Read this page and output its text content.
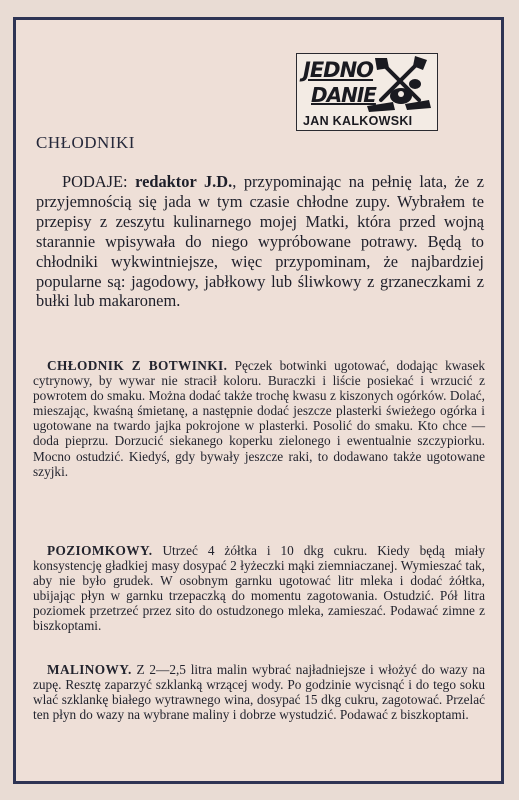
JEDNO
DANIE
JAN KALKOWSKI
CHŁODNIKI

PODAJE: redaktor J.D., przypominając na pełnię lata, że z przyjemnością się jada w tym czasie chłodne zupy. Wybrałem te przepisy z zeszytu kulinarnego mojej Matki, która przed wojną starannie wpisywała do niego wypróbowane potrawy. Będą to chłodniki wykwintniejsze, więc przypominam, że najbardziej popularne są: jagodowy, jabłkowy lub śliwkowy z grzaneczkami z bułki lub makaronem.

CHŁODNIK Z BOTWINKI. Pęczek botwinki ugotować, dodając kwasek cytrynowy, by wywar nie stracił koloru. Buraczki i liście posiekać i wrzucić z powrotem do smaku. Można dodać także trochę kwasu z kiszonych ogórków. Dolać, mieszając, kwaśną śmietanę, a następnie dodać jeszcze plasterki świeżego ogórka i ugotowane na twardo jajka pokrojone w plasterki. Posolić do smaku. Kto chce — doda pieprzu. Dorzucić siekanego koperku zielonego i ewentualnie szczypiorku. Mocno ostudzić. Kiedyś, gdy bywały jeszcze raki, to dodawano także ugotowane szyjki.

POZIOMKOWY. Utrzeć 4 żółtka i 10 dkg cukru. Kiedy będą miały konsystencję gładkiej masy dosypać 2 łyżeczki mąki ziemniaczanej. Wymieszać tak, aby nie było grudek. W osobnym garnku ugotować litr mleka i dodać żółtka, ubijając płyn w garnku trzepaczką do momentu zagotowania. Ostudzić. Pół litra poziomek przetrzeć przez sito do ostudzonego mleka, zamieszać. Podawać zimne z biszkoptami.

MALINOWY. Z 2—2,5 litra malin wybrać najładniejsze i włożyć do wazy na zupę. Resztę zaparzyć szklanką wrzącej wody. Po godzinie wycisnąć i do tego soku wlać szklankę białego wytrawnego wina, dosypać 15 dkg cukru, zagotować. Przelać ten płyn do wazy na wybrane maliny i dobrze wystudzić. Podawać z biszkoptami.
